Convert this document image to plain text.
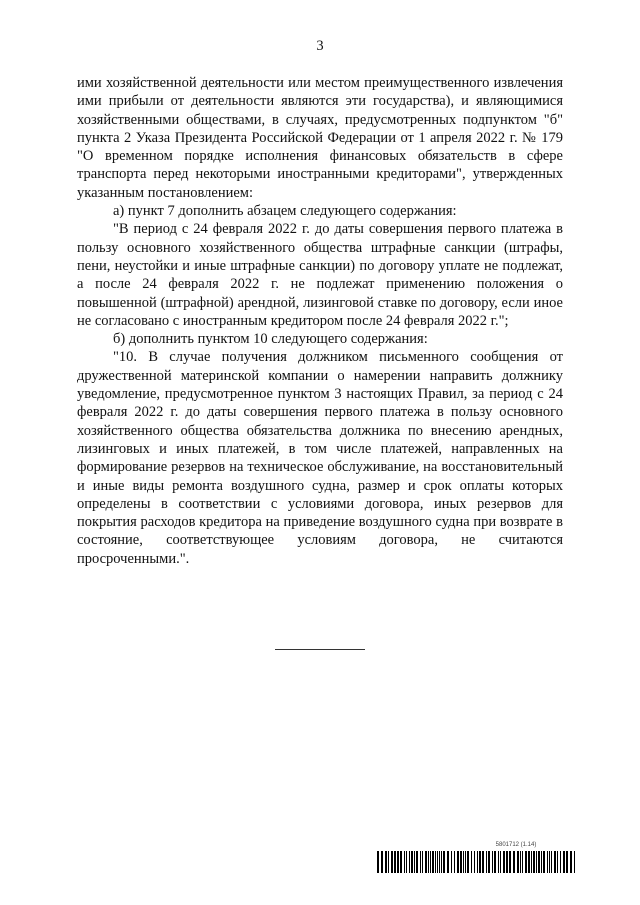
3

ими хозяйственной деятельности или местом преимущественного извлечения ими прибыли от деятельности являются эти государства), и являющимися хозяйственными обществами, в случаях, предусмотренных подпунктом "б" пункта 2 Указа Президента Российской Федерации от 1 апреля 2022 г. № 179 "О временном порядке исполнения финансовых обязательств в сфере транспорта перед некоторыми иностранными кредиторами", утвержденных указанным постановлением:

а) пункт 7 дополнить абзацем следующего содержания:

"В период с 24 февраля 2022 г. до даты совершения первого платежа в пользу основного хозяйственного общества штрафные санкции (штрафы, пени, неустойки и иные штрафные санкции) по договору уплате не подлежат, а после 24 февраля 2022 г. не подлежат применению положения о повышенной (штрафной) арендной, лизинговой ставке по договору, если иное не согласовано с иностранным кредитором после 24 февраля 2022 г.";

б) дополнить пунктом 10 следующего содержания:

"10. В случае получения должником письменного сообщения от дружественной материнской компании о намерении направить должнику уведомление, предусмотренное пунктом 3 настоящих Правил, за период с 24 февраля 2022 г. до даты совершения первого платежа в пользу основного хозяйственного общества обязательства должника по внесению арендных, лизинговых и иных платежей, в том числе платежей, направленных на формирование резервов на техническое обслуживание, на восстановительный и иные виды ремонта воздушного судна, размер и срок оплаты которых определены в соответствии с условиями договора, иных резервов для покрытия расходов кредитора на приведение воздушного судна при возврате в состояние, соответствующее условиям договора, не считаются просроченными.".

5801712 (1.14)
